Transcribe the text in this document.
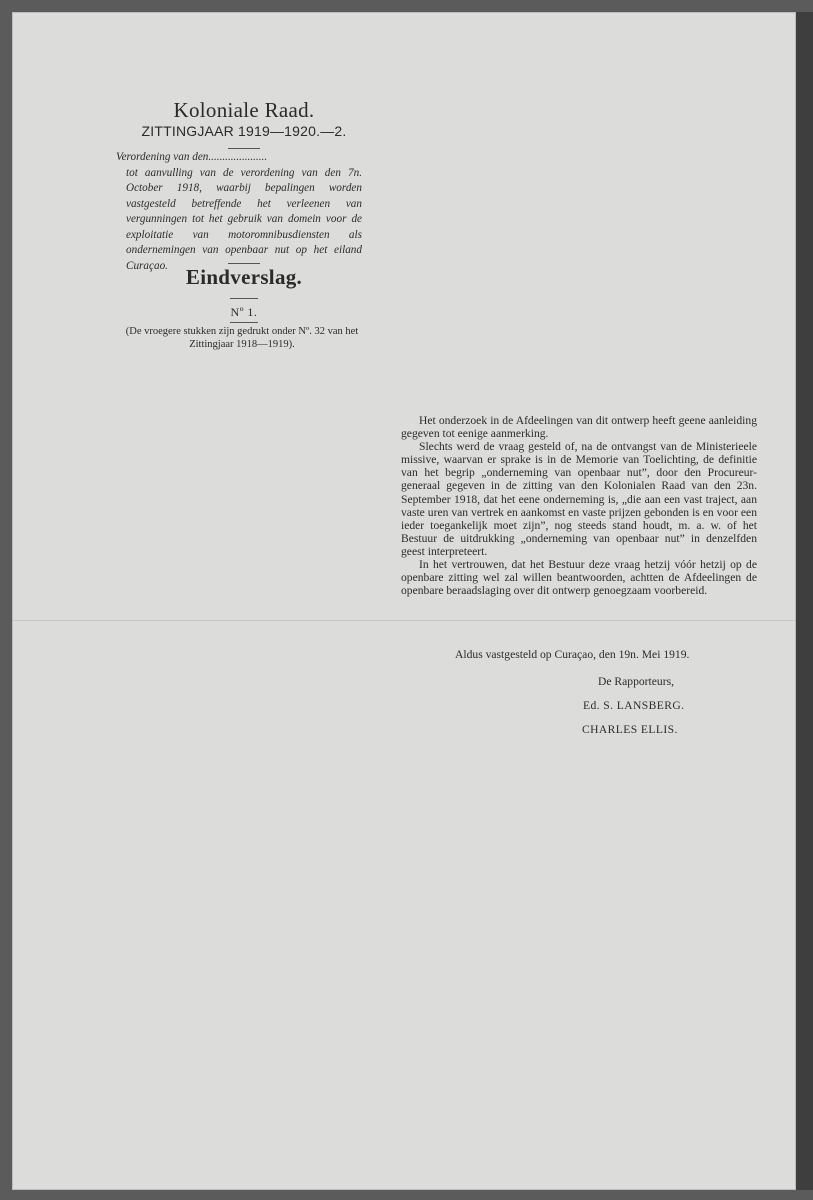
Koloniale Raad.
ZITTINGJAAR 1919—1920.—2.
Verordening van den.....................
tot aanvulling van de verordening van den 7n. October 1918, waarbij bepalingen worden vastgesteld betreffende het verleenen van vergunningen tot het gebruik van domein voor de exploitatie van motoromnibusdiensten als ondernemingen van openbaar nut op het eiland Curaçao. Eindverslag.
Nº 1.
(De vroegere stukken zijn gedrukt onder Nº. 32 van het Zittingjaar 1918—1919).

Het onderzoek in de Afdeelingen van dit ontwerp heeft geene aanleiding gegeven tot eenige aanmerking.

Slechts werd de vraag gesteld of, na de ontvangst van de Ministerieele missive, waarvan er sprake is in de Memorie van Toelichting, de definitie van het begrip „onderneming van openbaar nut”, door den Procureur-generaal gegeven in de zitting van den Kolonialen Raad van den 23n. September 1918, dat het eene onderneming is, „die aan een vast traject, aan vaste uren van vertrek en aankomst en vaste prijzen gebonden is en voor een ieder toegankelijk moet zijn”, nog steeds stand houdt, m. a. w. of het Bestuur de uitdrukking „onderneming van openbaar nut” in denzelfden geest interpreteert.

In het vertrouwen, dat het Bestuur deze vraag hetzij vóór hetzij op de openbare zitting wel zal willen beantwoorden, achtten de Afdeelingen de openbare beraadslaging over dit ontwerp genoegzaam voorbereid.

Aldus vastgesteld op Curaçao, den 19n. Mei 1919.
De Rapporteurs,
Ed. S. LANSBERG.
CHARLES ELLIS.
